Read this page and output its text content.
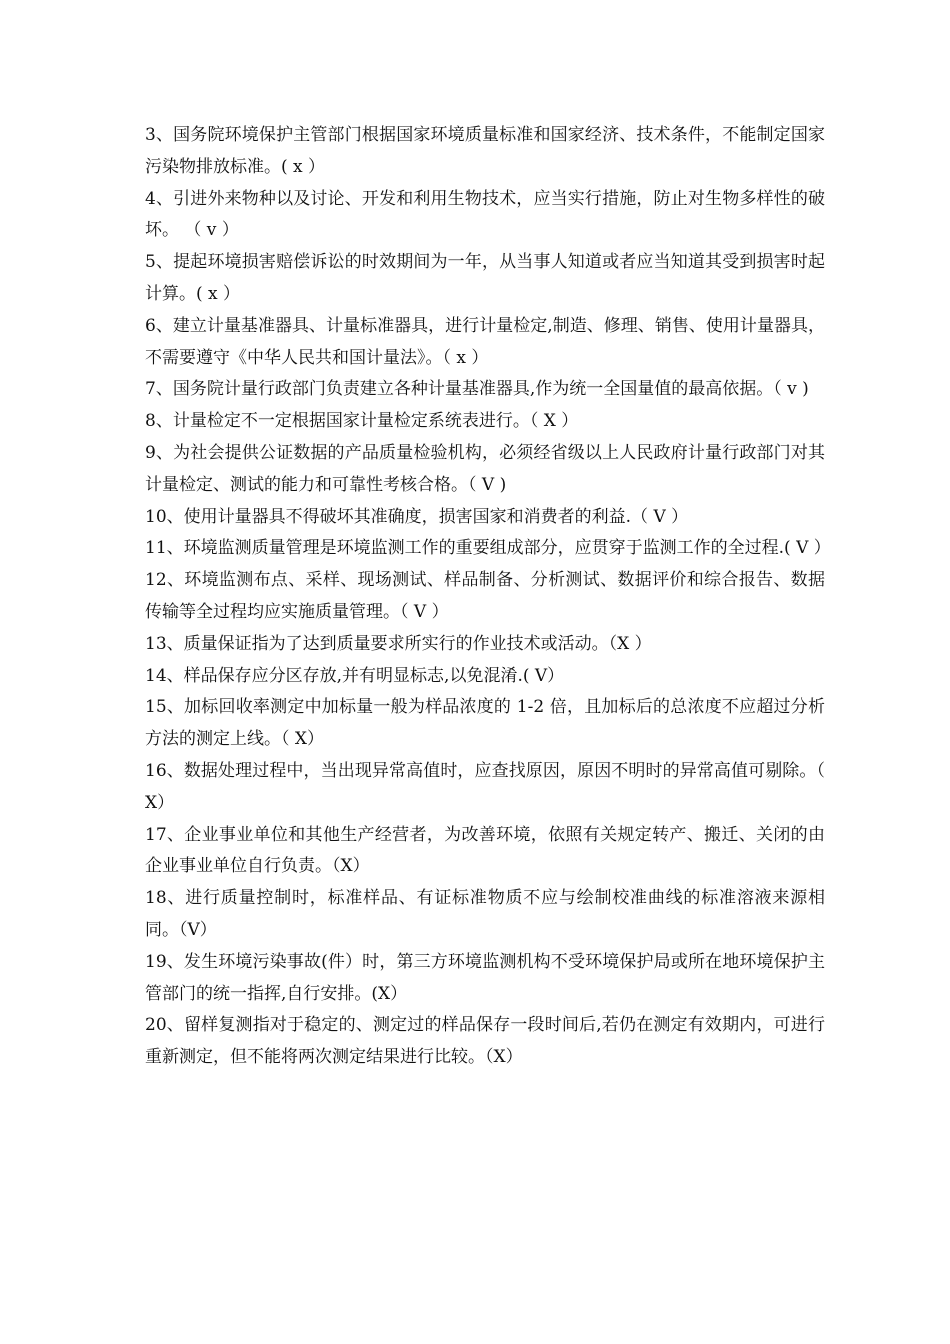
3、国务院环境保护主管部门根据国家环境质量标准和国家经济、技术条件，不能制定国家污染物排放标准。( x ）

4、引进外来物种以及讨论、开发和利用生物技术，应当实行措施，防止对生物多样性的破坏。 （ v ）

5、提起环境损害赔偿诉讼的时效期间为一年，从当事人知道或者应当知道其受到损害时起计算。( x ）

6、建立计量基准器具、计量标准器具，进行计量检定,制造、修理、销售、使用计量器具，不需要遵守《中华人民共和国计量法》。（ x ）

7、国务院计量行政部门负责建立各种计量基准器具,作为统一全国量值的最高依据。（ v )

8、计量检定不一定根据国家计量检定系统表进行。（ X ）

9、为社会提供公证数据的产品质量检验机构，必须经省级以上人民政府计量行政部门对其计量检定、测试的能力和可靠性考核合格。（ V )

10、使用计量器具不得破坏其准确度，损害国家和消费者的利益.（ V ）

11、环境监测质量管理是环境监测工作的重要组成部分，应贯穿于监测工作的全过程.( V ）

12、环境监测布点、采样、现场测试、样品制备、分析测试、数据评价和综合报告、数据传输等全过程均应实施质量管理。（ V ）

13、质量保证指为了达到质量要求所实行的作业技术或活动。（X ）

14、样品保存应分区存放,并有明显标志,以免混淆.( V）

15、加标回收率测定中加标量一般为样品浓度的 1-2 倍，且加标后的总浓度不应超过分析方法的测定上线。（ X）

16、数据处理过程中，当出现异常高值时，应查找原因，原因不明时的异常高值可剔除。（ X）

17、企业事业单位和其他生产经营者，为改善环境，依照有关规定转产、搬迁、关闭的由企业事业单位自行负责。（X）

18、进行质量控制时，标准样品、有证标准物质不应与绘制校准曲线的标准溶液来源相同。（V）

19、发生环境污染事故(件）时，第三方环境监测机构不受环境保护局或所在地环境保护主管部门的统一指挥,自行安排。(X）

20、留样复测指对于稳定的、测定过的样品保存一段时间后,若仍在测定有效期内，可进行重新测定，但不能将两次测定结果进行比较。（X）
